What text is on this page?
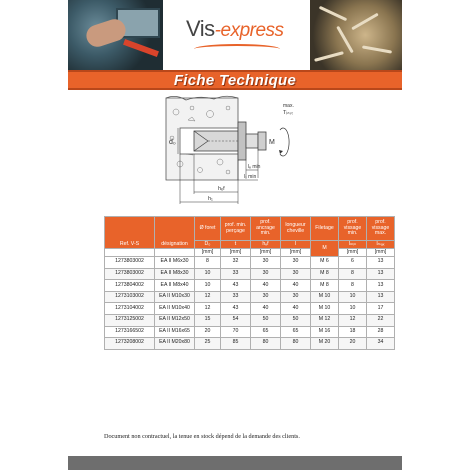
Vis-express
Fiche Technique
d₀	M
max.
Tᵢₙₛₜ
lₑ min
l₁ min
hₑf
h₁
Ref. V-S	désignation	Ø foret	prof. min. perçage	prof. ancrage min.	longueur cheville	Filetage	prof. vissage min.	prof. vissage max.
		D₀	t	hₑf	l	M	lₘᵢₙ	lₘₐₓ
		[mm]	[mm]	[mm]	[mm]		[mm]	[mm]
1273803002	EA II M6x30	8	32	30	30	M 6	6	13
1273803002	EA II M8x30	10	33	30	30	M 8	8	13
1273804002	EA II M8x40	10	43	40	40	M 8	8	13
1273103002	EA II M10x30	12	33	30	30	M 10	10	13
1273104002	EA II M10x40	12	43	40	40	M 10	10	17
1273125002	EA II M12x50	15	54	50	50	M 12	12	22
1273166502	EA II M16x65	20	70	65	65	M 16	18	28
1273208002	EA II M20x80	25	85	80	80	M 20	20	34
Document non contractuel, la tenue en stock dépend de la demande des clients.
